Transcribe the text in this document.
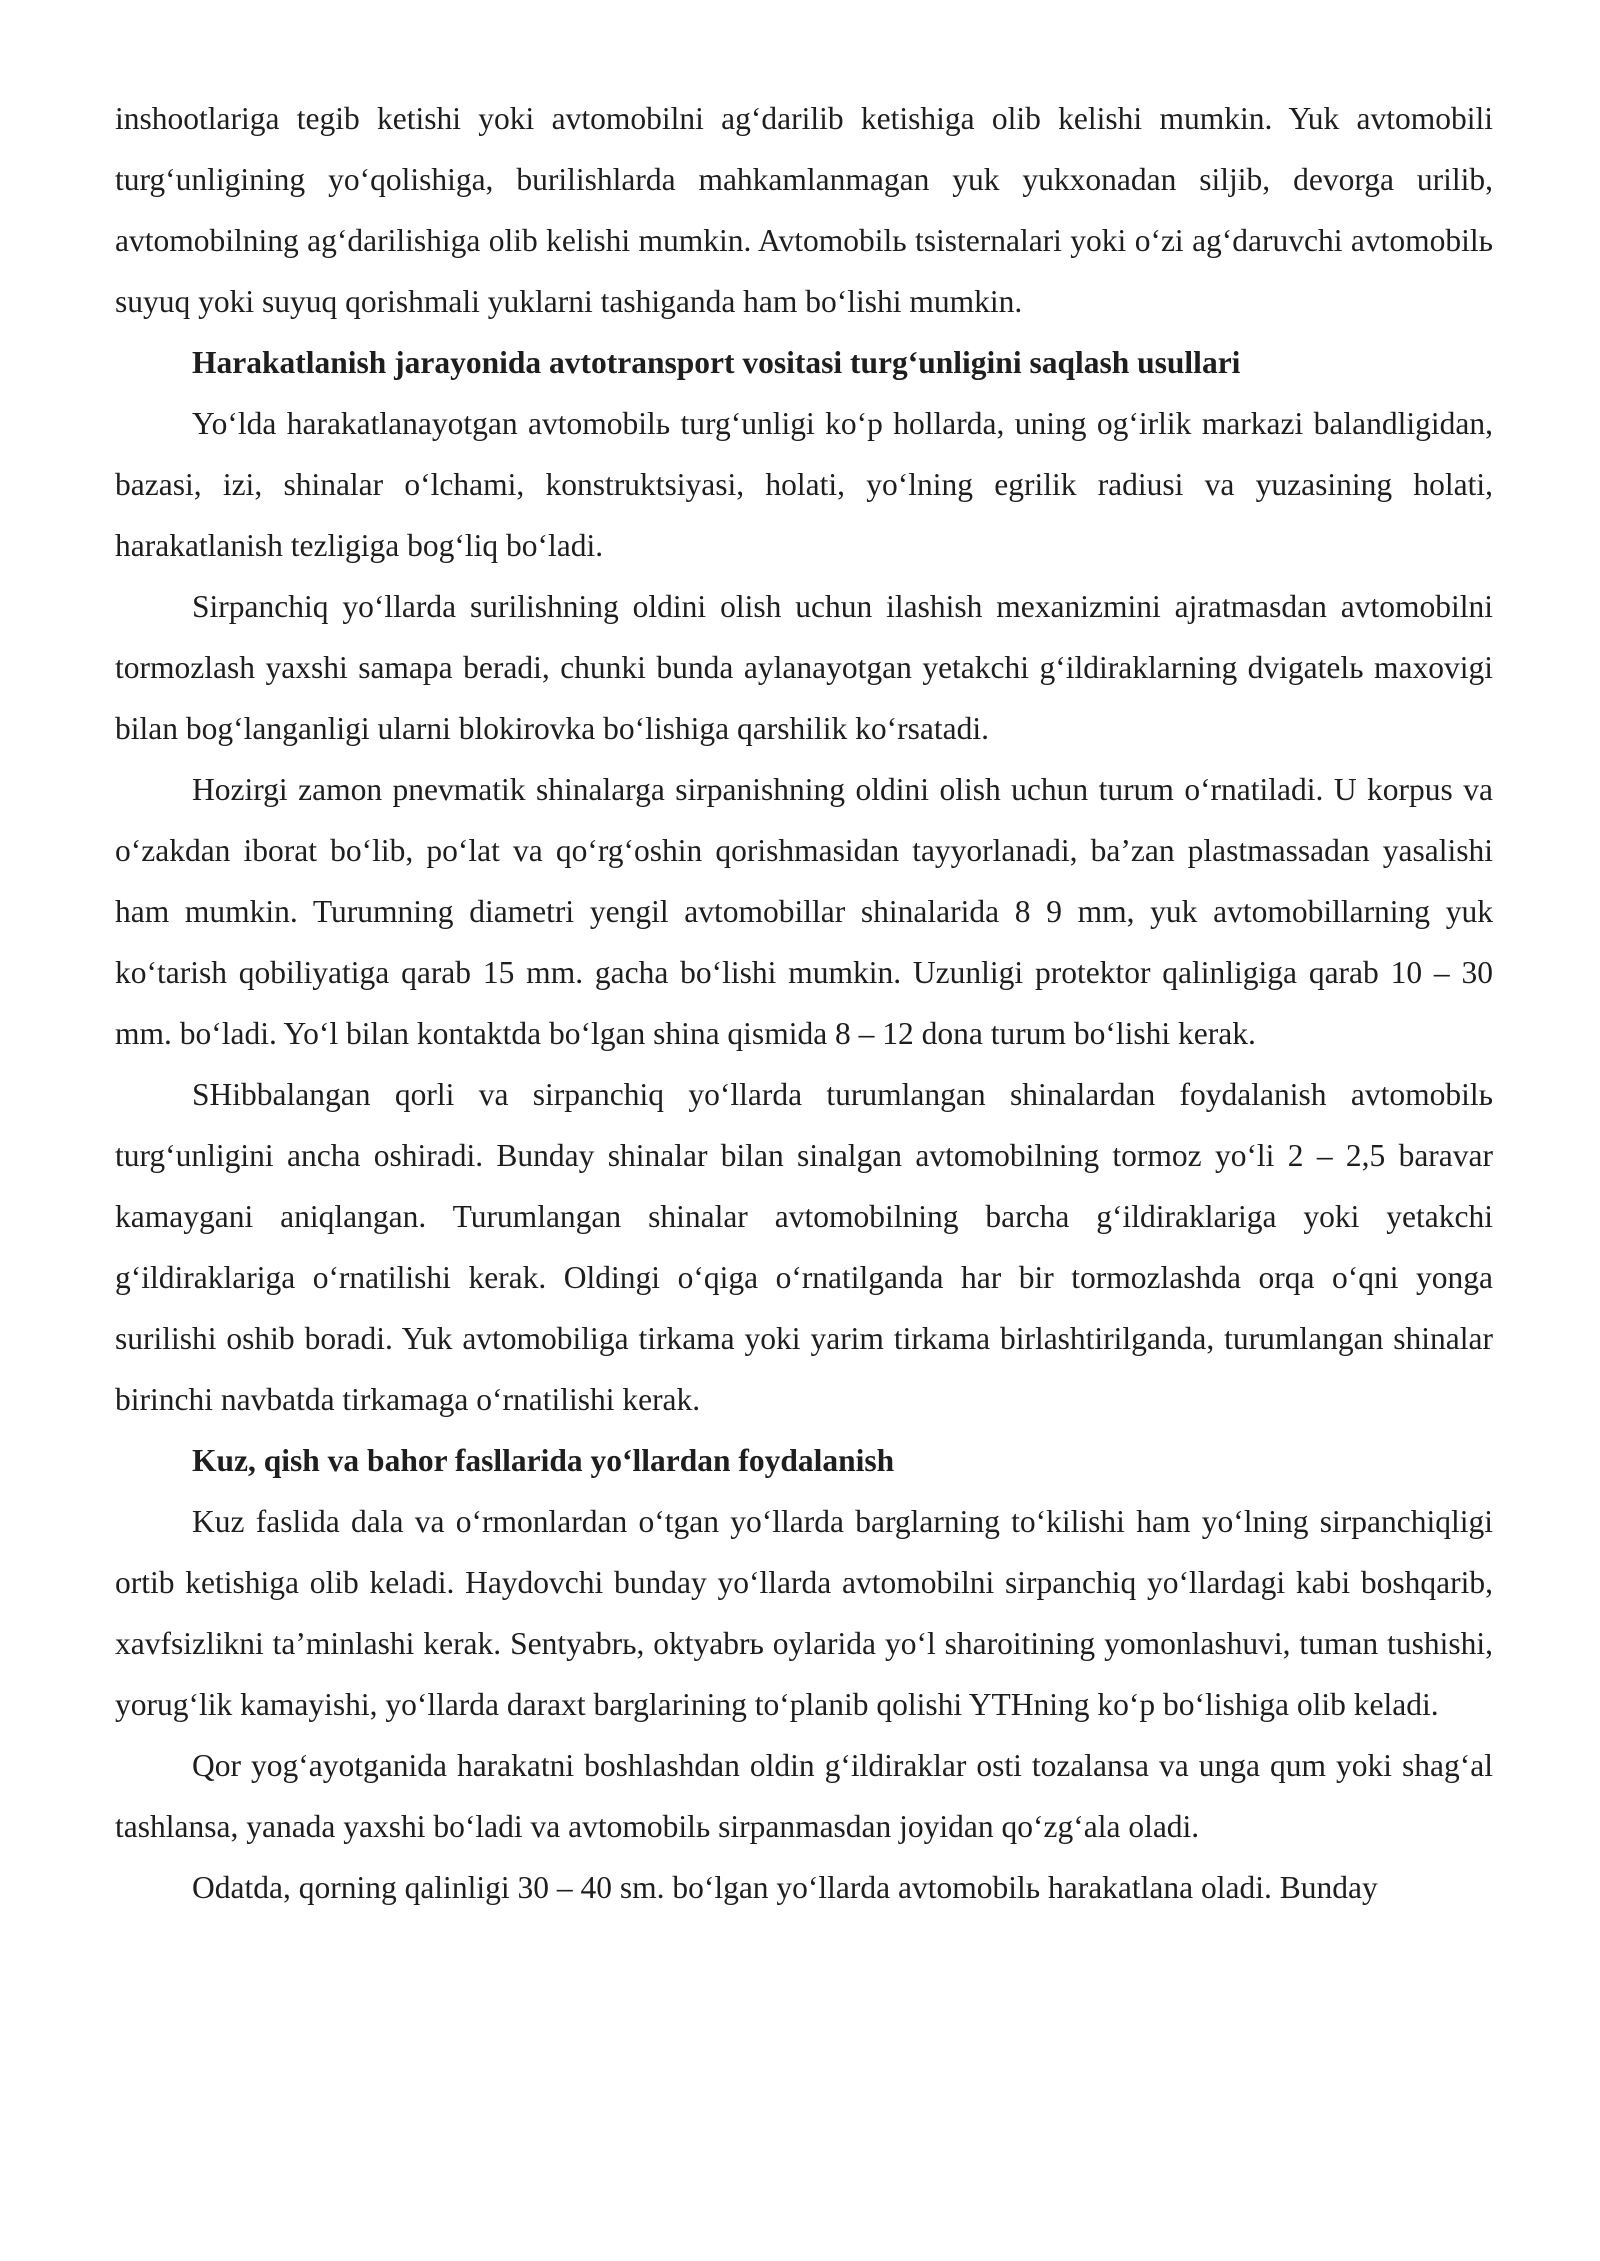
inshootlariga tegib ketishi yoki avtomobilni ag‘darilib ketishiga olib kelishi mumkin. Yuk avtomobili turg‘unligining yo‘qolishiga, burilishlarda mahkamlanmagan yuk yukxonadan siljib, devorga urilib, avtomobilning ag‘darilishiga olib kelishi mumkin. Avtomobilь tsisternalari yoki o‘zi ag‘daruvchi avtomobilь suyuq yoki suyuq qorishmali yuklarni tashiganda ham bo‘lishi mumkin.

Harakatlanish jarayonida avtotransport vositasi turg‘unligini saqlash usullari

Yo‘lda harakatlanayotgan avtomobilь turg‘unligi ko‘p hollarda, uning og‘irlik markazi balandligidan, bazasi, izi, shinalar o‘lchami, konstruktsiyasi, holati, yo‘lning egrilik radiusi va yuzasining holati, harakatlanish tezligiga bog‘liq bo‘ladi.

Sirpanchiq yo‘llarda surilishning oldini olish uchun ilashish mexanizmini ajratmasdan avtomobilni tormozlash yaxshi samapa beradi, chunki bunda aylanayotgan yetakchi g‘ildiraklarning dvigatelь maxovigi bilan bog‘langanligi ularni blokirovka bo‘lishiga qarshilik ko‘rsatadi.

Hozirgi zamon pnevmatik shinalarga sirpanishning oldini olish uchun turum o‘rnatiladi. U korpus va o‘zakdan iborat bo‘lib, po‘lat va qo‘rg‘oshin qorishmasidan tayyorlanadi, ba’zan plastmassadan yasalishi ham mumkin. Turumning diametri yengil avtomobillar shinalarida 8 9 mm, yuk avtomobillarning yuk ko‘tarish qobiliyatiga qarab 15 mm. gacha bo‘lishi mumkin. Uzunligi protektor qalinligiga qarab 10 – 30 mm. bo‘ladi. Yo‘l bilan kontaktda bo‘lgan shina qismida 8 – 12 dona turum bo‘lishi kerak.

SHibbalangan qorli va sirpanchiq yo‘llarda turumlangan shinalardan foydalanish avtomobilь turg‘unligini ancha oshiradi. Bunday shinalar bilan sinalgan avtomobilning tormoz yo‘li 2 – 2,5 baravar kamaygani aniqlangan. Turumlangan shinalar avtomobilning barcha g‘ildiraklariga yoki yetakchi g‘ildiraklariga o‘rnatilishi kerak. Oldingi o‘qiga o‘rnatilganda har bir tormozlashda orqa o‘qni yonga surilishi oshib boradi. Yuk avtomobiliga tirkama yoki yarim tirkama birlashtirilganda, turumlangan shinalar birinchi navbatda tirkamaga o‘rnatilishi kerak.

Kuz, qish va bahor fasllarida yo‘llardan foydalanish

Kuz faslida dala va o‘rmonlardan o‘tgan yo‘llarda barglarning to‘kilishi ham yo‘lning sirpanchiqligi ortib ketishiga olib keladi. Haydovchi bunday yo‘llarda avtomobilni sirpanchiq yo‘llardagi kabi boshqarib, xavfsizlikni ta’minlashi kerak. Sentyabrь, oktyabrь oylarida yo‘l sharoitining yomonlashuvi, tuman tushishi, yorug‘lik kamayishi, yo‘llarda daraxt barglarining to‘planib qolishi YTHning ko‘p bo‘lishiga olib keladi.

Qor yog‘ayotganida harakatni boshlashdan oldin g‘ildiraklar osti tozalansa va unga qum yoki shag‘al tashlansa, yanada yaxshi bo‘ladi va avtomobilь sirpanmasdan joyidan qo‘zg‘ala oladi.

Odatda, qorning qalinligi 30 – 40 sm. bo‘lgan yo‘llarda avtomobilь harakatlana oladi. Bunday
